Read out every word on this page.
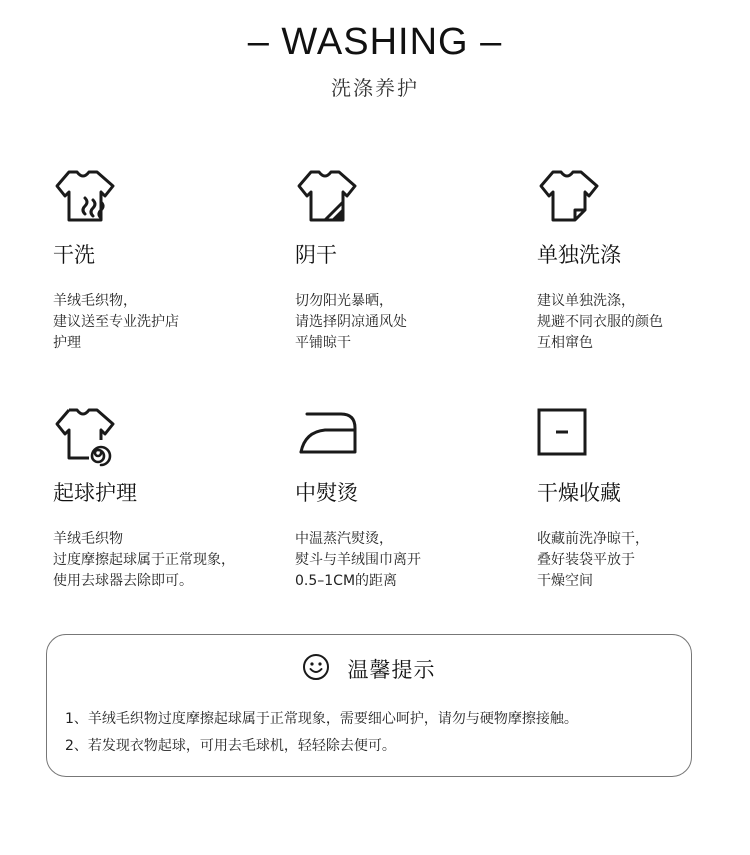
– WASHING –
洗涤养护
干洗
羊绒毛织物，
建议送至专业洗护店
护理
阴干
切勿阳光暴晒，
请选择阴凉通风处
平铺晾干
单独洗涤
建议单独洗涤，
规避不同衣服的颜色
互相窜色
起球护理
羊绒毛织物
过度摩擦起球属于正常现象，
使用去球器去除即可。
中熨烫
中温蒸汽熨烫，
熨斗与羊绒围巾离开
0.5–1CM的距离
干燥收藏
收藏前洗净晾干，
叠好装袋平放于
干燥空间
温馨提示
1、羊绒毛织物过度摩擦起球属于正常现象，需要细心呵护，请勿与硬物摩擦接触。
2、若发现衣物起球，可用去毛球机，轻轻除去便可。
